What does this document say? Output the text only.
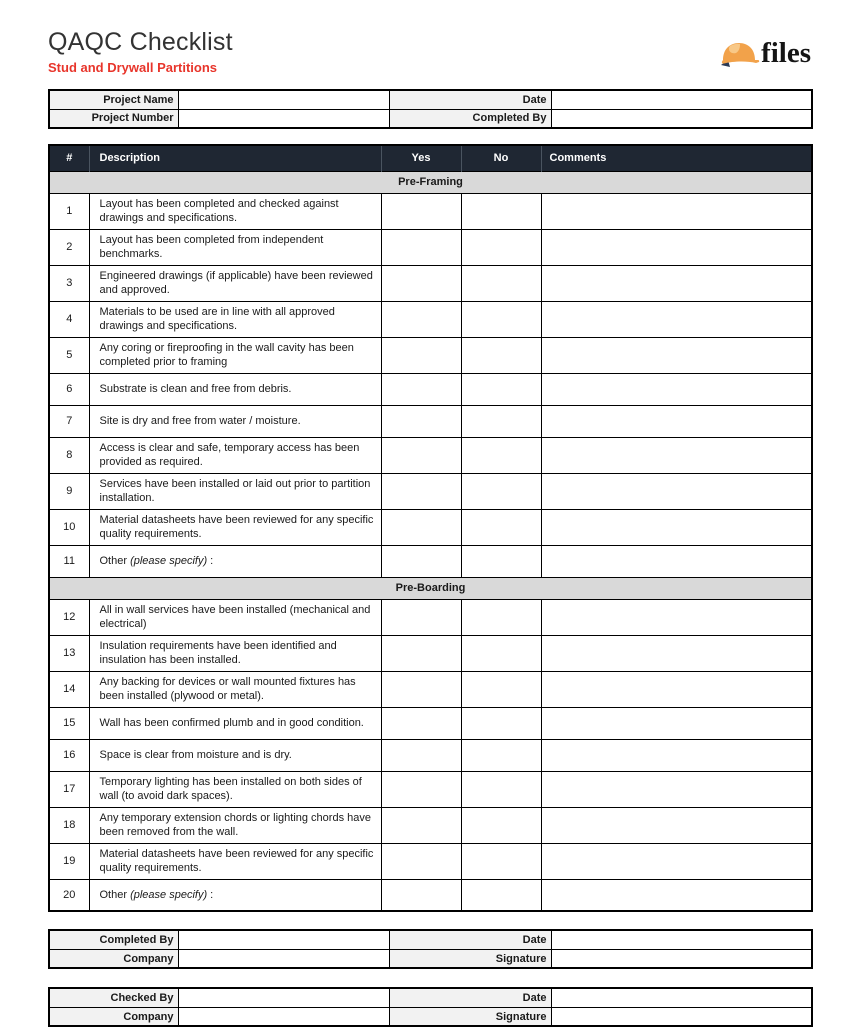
QAQC Checklist
Stud and Drywall Partitions	files
Project Name		Date	
Project Number		Completed By	
#	Description	Yes	No	Comments
Pre-Framing				
1	Layout has been completed and checked against drawings and specifications.			
2	Layout has been completed from independent benchmarks.			
3	Engineered drawings (if applicable) have been reviewed and approved.			
4	Materials to be used are in line with all approved drawings and specifications.			
5	Any coring or fireproofing in the wall cavity has been completed prior to framing			
6	Substrate is clean and free from debris.			
7	Site is dry and free from water / moisture.			
8	Access is clear and safe, temporary access has been provided as required.			
9	Services have been installed or laid out prior to partition installation.			
10	Material datasheets have been reviewed for any specific quality requirements.			
11	Other (please specify) :			
Pre-Boarding				
12	All in wall services have been installed (mechanical and electrical)			
13	Insulation requirements have been identified and insulation has been installed.			
14	Any backing for devices or wall mounted fixtures has been installed (plywood or metal).			
15	Wall has been confirmed plumb and in good condition.			
16	Space is clear from moisture and is dry.			
17	Temporary lighting has been installed on both sides of wall (to avoid dark spaces).			
18	Any temporary extension chords or lighting chords have been removed from the wall.			
19	Material datasheets have been reviewed for any specific quality requirements.			
20	Other (please specify) :			
Completed By		Date	
Company		Signature	
Checked By		Date	
Company		Signature	
